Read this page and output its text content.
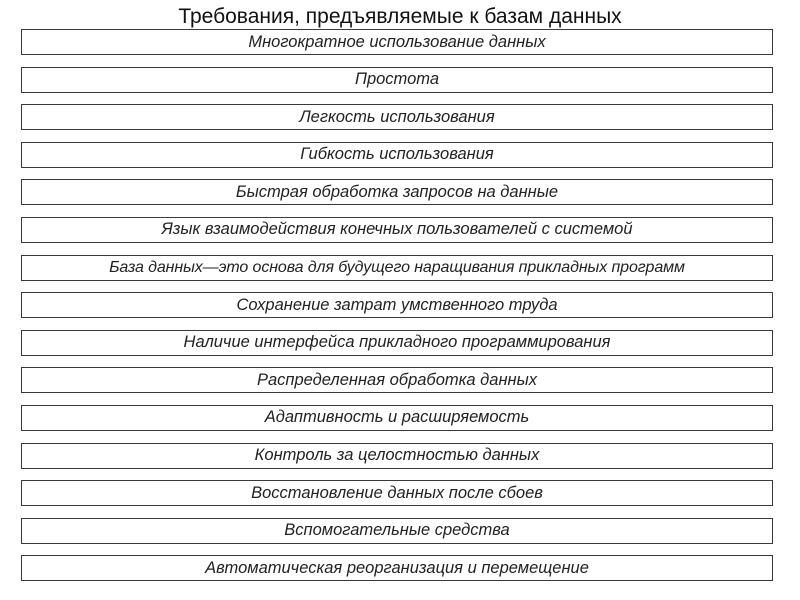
Требования, предъявляемые к базам данных
Многократное использование данных
Простота
Легкость использования
Гибкость использования
Быстрая обработка запросов на данные
Язык взаимодействия конечных пользователей с системой
База данных—это основа для будущего наращивания прикладных программ
Сохранение затрат умственного труда
Наличие интерфейса прикладного программирования
Распределенная обработка данных
Адаптивность и расширяемость
Контроль за целостностью данных
Восстановление данных после сбоев
Вспомогательные средства
Автоматическая реорганизация и перемещение
